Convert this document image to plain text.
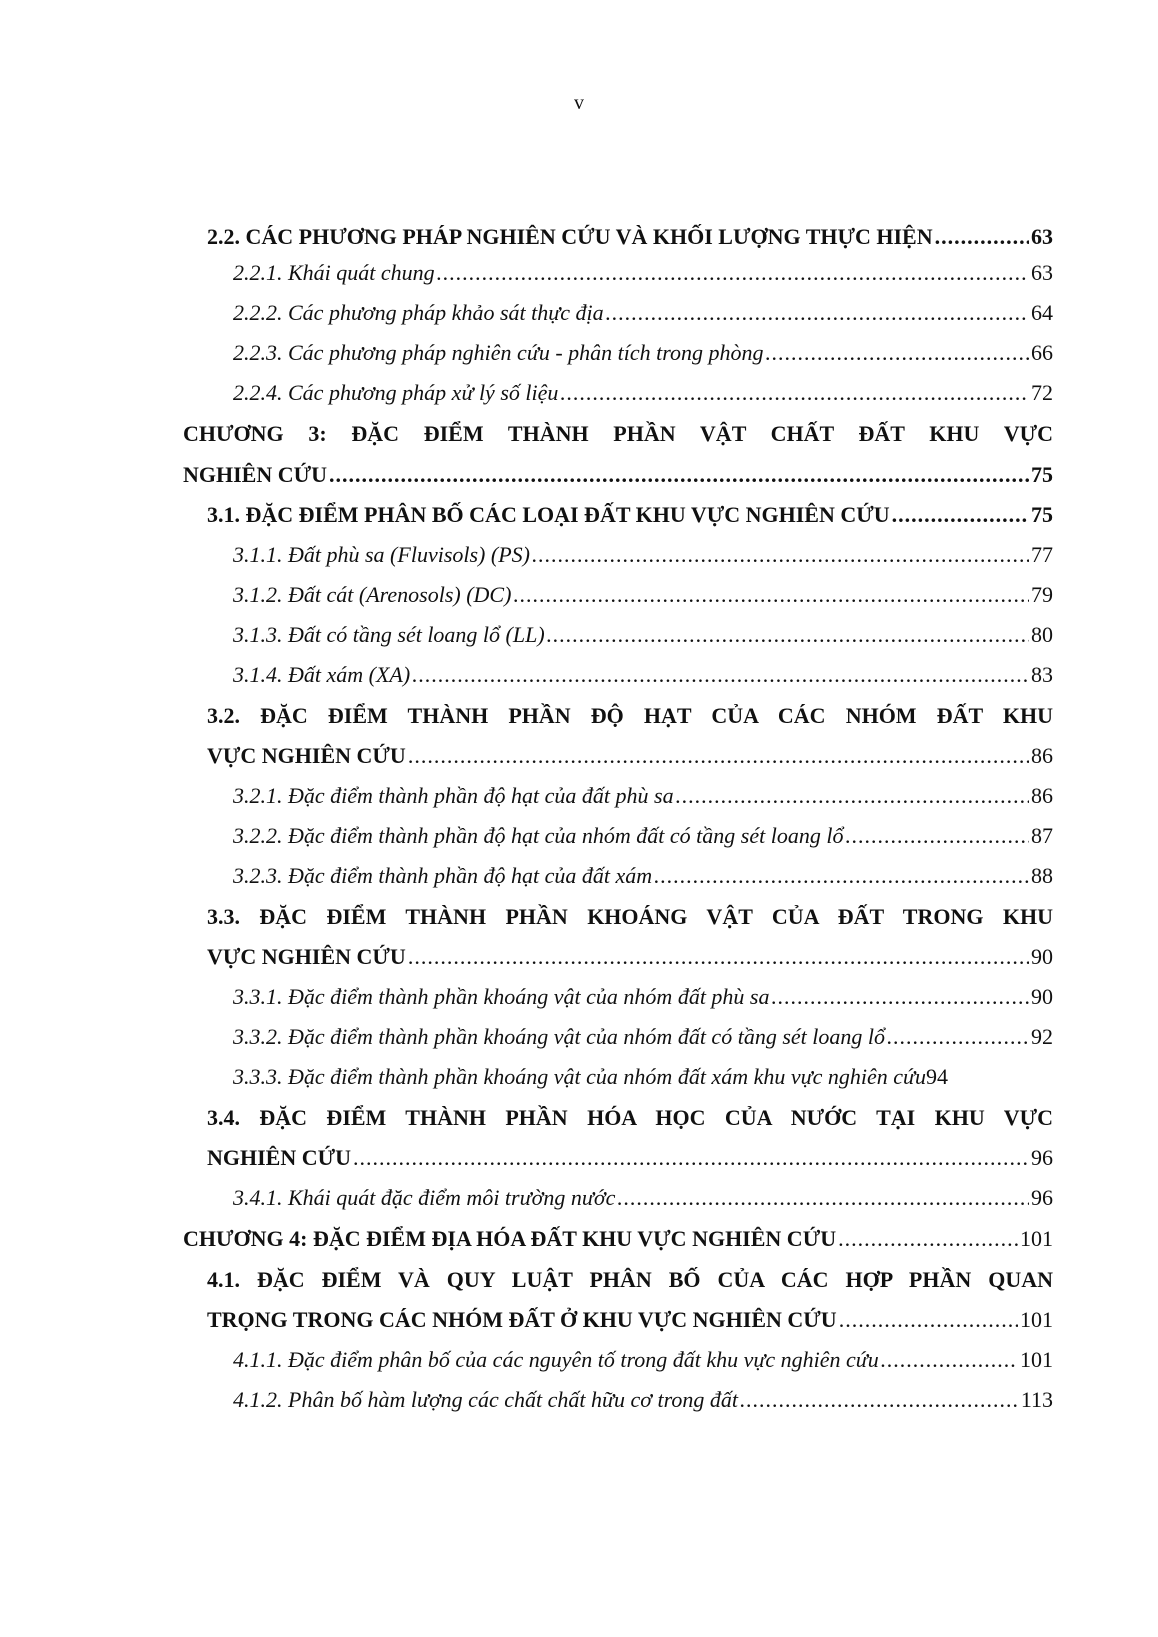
v
2.2. CÁC PHƯƠNG PHÁP NGHIÊN CỨU VÀ KHỐI LƯỢNG THỰC HIỆN .....	63
2.2.1. Khái quát chung .....	63
2.2.2. Các phương pháp khảo sát thực địa .....	64
2.2.3. Các phương pháp nghiên cứu - phân tích trong phòng .....	66
2.2.4. Các phương pháp xử lý số liệu .....	72
CHƯƠNG 3: ĐẶC ĐIỂM THÀNH PHẦN VẬT CHẤT ĐẤT KHU VỰC
NGHIÊN CỨU .....	75
3.1. ĐẶC ĐIỂM PHÂN BỐ CÁC LOẠI ĐẤT KHU VỰC NGHIÊN CỨU .....	75
3.1.1. Đất phù sa (Fluvisols) (PS) .....	77
3.1.2. Đất cát (Arenosols) (DC) .....	79
3.1.3. Đất có tầng sét loang lổ (LL) .....	80
3.1.4. Đất xám (XA) .....	83
3.2. ĐẶC ĐIỂM THÀNH PHẦN ĐỘ HẠT CỦA CÁC NHÓM ĐẤT KHU
VỰC NGHIÊN CỨU .....	86
3.2.1. Đặc điểm thành phần độ hạt của đất phù sa .....	86
3.2.2. Đặc điểm thành phần độ hạt của nhóm đất có tầng sét loang lổ .....	87
3.2.3. Đặc điểm thành phần độ hạt của đất xám .....	88
3.3. ĐẶC ĐIỂM THÀNH PHẦN KHOÁNG VẬT CỦA ĐẤT TRONG KHU
VỰC NGHIÊN CỨU .....	90
3.3.1. Đặc điểm thành phần khoáng vật của nhóm đất phù sa .....	90
3.3.2. Đặc điểm thành phần khoáng vật của nhóm đất có tầng sét loang lổ .....	92
3.3.3. Đặc điểm thành phần khoáng vật của nhóm đất xám khu vực nghiên cứu 94
3.4. ĐẶC ĐIỂM THÀNH PHẦN HÓA HỌC CỦA NƯỚC TẠI KHU VỰC
NGHIÊN CỨU .....	96
3.4.1. Khái quát đặc điểm môi trường nước .....	96
CHƯƠNG 4: ĐẶC ĐIỂM ĐỊA HÓA ĐẤT KHU VỰC NGHIÊN CỨU .....	101
4.1. ĐẶC ĐIỂM VÀ QUY LUẬT PHÂN BỐ CỦA CÁC HỢP PHẦN QUAN
TRỌNG TRONG CÁC NHÓM ĐẤT Ở KHU VỰC NGHIÊN CỨU .....	101
4.1.1. Đặc điểm phân bố của các nguyên tố trong đất khu vực nghiên cứu .....	101
4.1.2. Phân bố hàm lượng các chất chất hữu cơ trong đất .....	113
